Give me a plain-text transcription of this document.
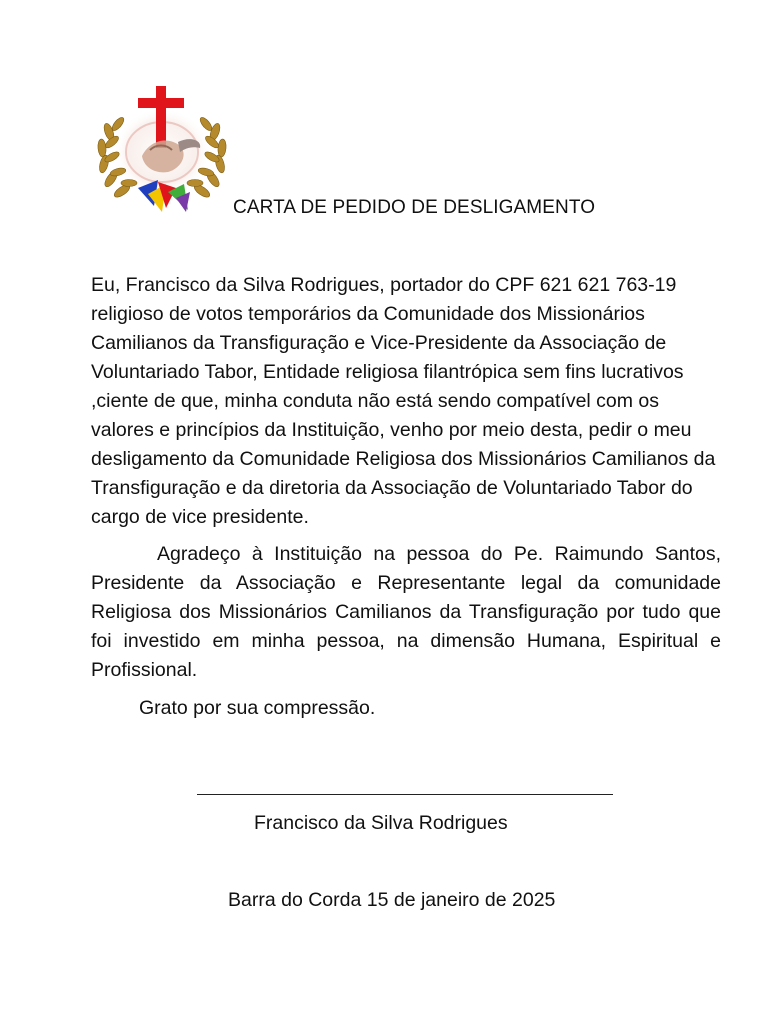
CARTA DE PEDIDO DE DESLIGAMENTO

Eu, Francisco da Silva Rodrigues, portador do CPF 621 621 763-19 religioso de votos temporários da Comunidade dos Missionários Camilianos da Transfiguração e Vice-Presidente da Associação de Voluntariado Tabor, Entidade religiosa filantrópica sem fins lucrativos ,ciente de que, minha conduta não está sendo compatível com os valores e princípios da Instituição, venho por meio desta, pedir o meu desligamento da Comunidade Religiosa dos Missionários Camilianos da Transfiguração e da diretoria da Associação de Voluntariado Tabor do cargo de vice presidente.

Agradeço à Instituição na pessoa do Pe. Raimundo Santos, Presidente da Associação e Representante legal da comunidade Religiosa dos Missionários Camilianos da Transfiguração por tudo que foi investido em minha pessoa, na dimensão Humana, Espiritual e Profissional.

Grato por sua compressão.
Francisco da Silva Rodrigues
Barra do Corda 15 de janeiro de 2025
